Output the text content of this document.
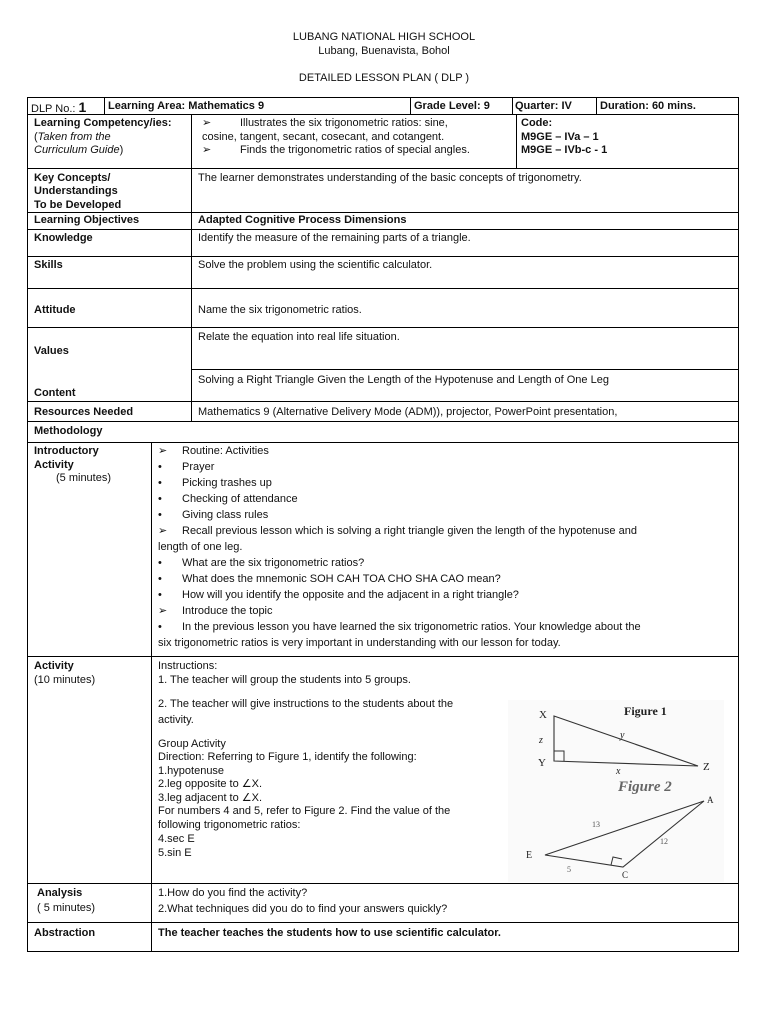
LUBANG NATIONAL HIGH SCHOOL
Lubang, Buenavista, Bohol
DETAILED LESSON PLAN ( DLP )
DLP No.: 1 Learning Area: Mathematics 9	Grade Level: 9 Quarter: IV	Duration: 60 mins.
Learning Competency/ies:
(Taken from the
Curriculum Guide)
➢	Illustrates the six trigonometric ratios: sine,
cosine, tangent, secant, cosecant, and cotangent.
➢	Finds the trigonometric ratios of special angles.
Code:
M9GE – IVa – 1
M9GE – IVb-c - 1
Key Concepts/
Understandings
To be Developed
The learner demonstrates understanding of the basic concepts of trigonometry.
Learning Objectives	Adapted Cognitive Process Dimensions
Knowledge	Identify the measure of the remaining parts of a triangle.
Skills	Solve the problem using the scientific calculator.
Attitude	Name the six trigonometric ratios.
Values
Relate the equation into real life situation.
Content
Solving a Right Triangle Given the Length of the Hypotenuse and Length of One Leg
Resources Needed	Mathematics 9 (Alternative Delivery Mode (ADM)), projector, PowerPoint presentation,
Methodology
Introductory
Activity
(5 minutes)
➢ Routine: Activities
• Prayer
• Picking trashes up
• Checking of attendance
• Giving class rules
➢ Recall previous lesson which is solving a right triangle given the length of the hypotenuse and
length of one leg.
• What are the six trigonometric ratios?
• What does the mnemonic SOH CAH TOA CHO SHA CAO mean?
• How will you identify the opposite and the adjacent in a right triangle?
➢ Introduce the topic
• In the previous lesson you have learned the six trigonometric ratios. Your knowledge about the
six trigonometric ratios is very important in understanding with our lesson for today.
Activity
(10 minutes)
Instructions:
1. The teacher will group the students into 5 groups.
2. The teacher will give instructions to the students about the
activity.
Group Activity
Direction: Referring to Figure 1, identify the following:
1.hypotenuse
2.leg opposite to ∠X.
3.leg adjacent to ∠X.
For numbers 4 and 5, refer to Figure 2. Find the value of the
following trigonometric ratios:
4.sec E
5.sin E
Figure 1
X
Y	Z
z	y
x
Figure 2
A
E
C
13
12
5
Analysis
( 5 minutes)
1.How do you find the activity?
2.What techniques did you do to find your answers quickly?
Abstraction	The teacher teaches the students how to use scientific calculator.
